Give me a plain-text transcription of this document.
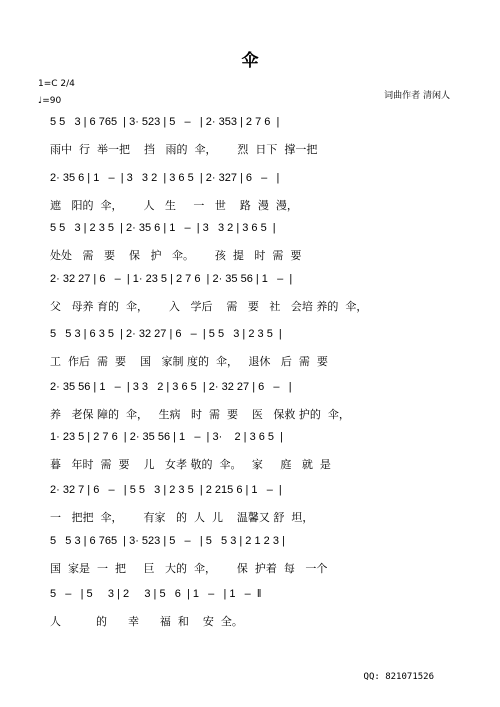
伞
1=C 2/4
♩=90	词曲作者 清闲人
5 5   3 | 6 765  | 3· 523 | 5   –   | 2· 353 | 2 7 6  |
雨中  行  举一把    挡   雨的  伞，      烈  日下  撑一把
2· 35 6 | 1   –  | 3   3 2  | 3 6 5  | 2· 327 | 6   –   |
遮   阳的  伞，      人   生     一   世    路  漫  漫，
5 5   3 | 2 3 5  | 2· 35 6 | 1   –  | 3   3 2 | 3 6 5  |
处处   需   要    保   护   伞。      孩  提   时  需  要
2· 32 27 | 6   –  | 1· 23 5 | 2 7 6  | 2· 35 56 | 1   –  |
父   母养 育的  伞，      入   学后    需   要   社   会培 养的  伞，
5   5 3 | 6 3 5  | 2· 32 27 | 6   –  | 5 5   3 | 2 3 5  |
工  作后  需  要    国   家制 度的  伞，   退休   后  需  要
2· 35 56 | 1   –  | 3 3   2 | 3 6 5  | 2· 32 27 | 6   –   |
养   老保 障的  伞，   生病   时  需  要    医   保救 护的  伞，
1· 23 5 | 2 7 6  | 2· 35 56 | 1   –  | 3·    2 | 3 6 5  |
暮   年时  需  要    儿   女孝 敬的  伞。   家     庭   就  是
2· 32 7 | 6   –   | 5 5   3 | 2 3 5  | 2 215 6 | 1   –  |
一   把把  伞，      有家   的  人  儿    温馨又 舒  坦，
5   5 3 | 6 765  | 3· 523 | 5   –   | 5   5 3 | 2 1 2 3 |
国  家是  一  把     巨   大的  伞，      保  护着  每   一个
5   –   | 5     3 | 2     3 | 5   6  | 1   –   | 1   –  ‖
人          的      幸      福  和    安  全。
QQ: 821071526
